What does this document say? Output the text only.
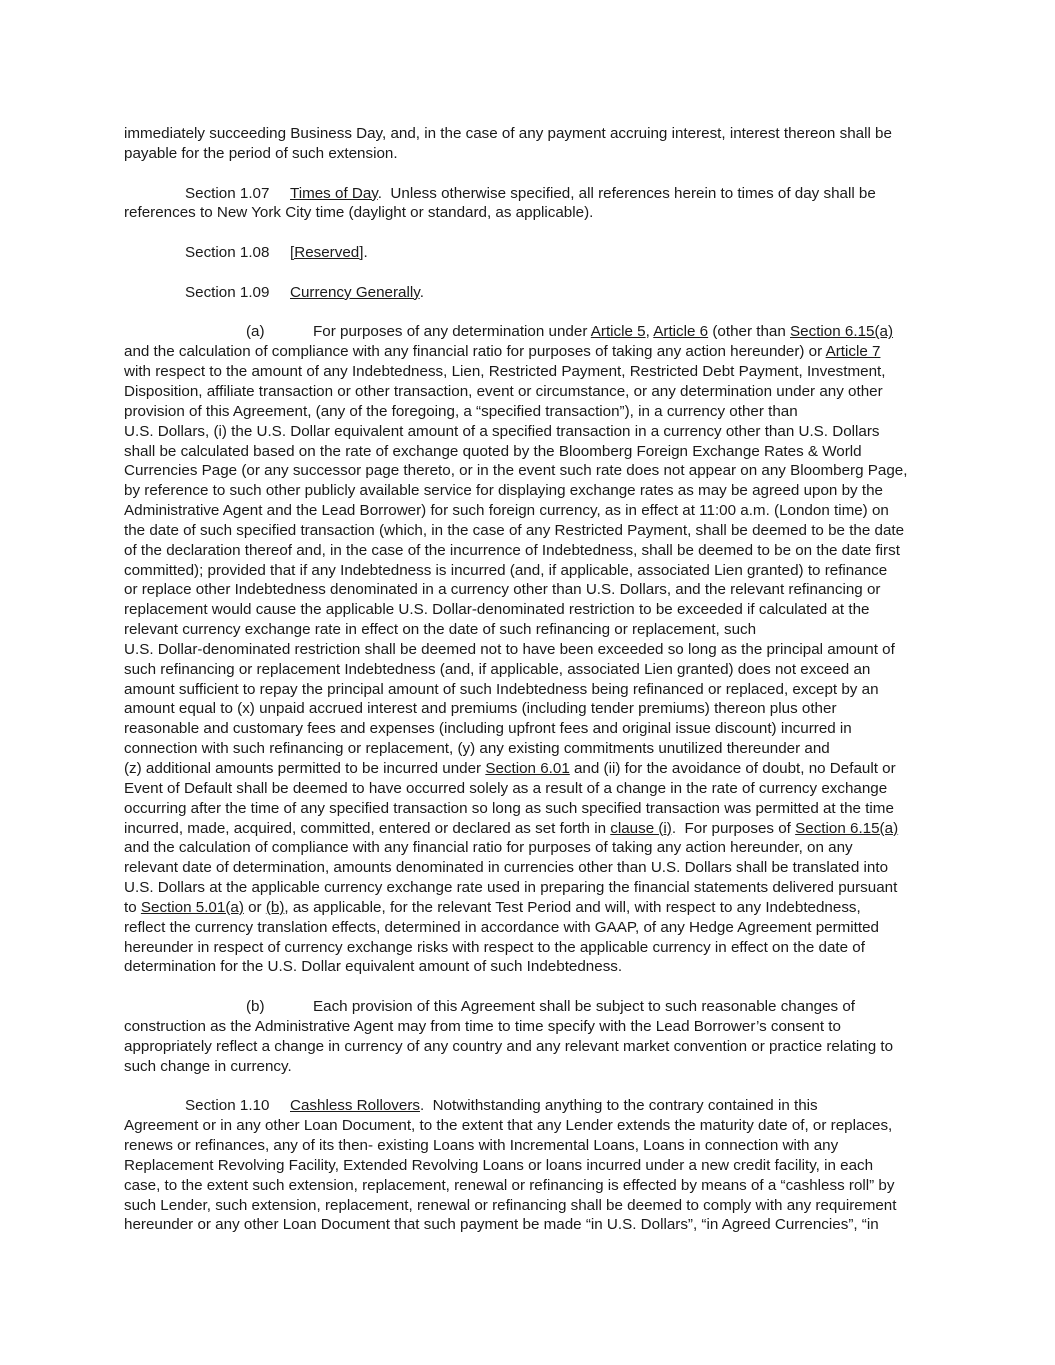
immediately succeeding Business Day, and, in the case of any payment accruing interest, interest thereon shall be
payable for the period of such extension.
Section 1.07 Times of Day.  Unless otherwise specified, all references herein to times of day shall be
references to New York City time (daylight or standard, as applicable).
Section 1.08 [Reserved].
Section 1.09 Currency Generally.
(a)	For purposes of any determination under Article 5, Article 6 (other than Section 6.15(a)
and the calculation of compliance with any financial ratio for purposes of taking any action hereunder) or Article 7
with respect to the amount of any Indebtedness, Lien, Restricted Payment, Restricted Debt Payment, Investment,
Disposition, affiliate transaction or other transaction, event or circumstance, or any determination under any other
provision of this Agreement, (any of the foregoing, a “specified transaction”), in a currency other than
U.S. Dollars, (i) the U.S. Dollar equivalent amount of a specified transaction in a currency other than U.S. Dollars
shall be calculated based on the rate of exchange quoted by the Bloomberg Foreign Exchange Rates & World
Currencies Page (or any successor page thereto, or in the event such rate does not appear on any Bloomberg Page,
by reference to such other publicly available service for displaying exchange rates as may be agreed upon by the
Administrative Agent and the Lead Borrower) for such foreign currency, as in effect at 11:00 a.m. (London time) on
the date of such specified transaction (which, in the case of any Restricted Payment, shall be deemed to be the date
of the declaration thereof and, in the case of the incurrence of Indebtedness, shall be deemed to be on the date first
committed); provided that if any Indebtedness is incurred (and, if applicable, associated Lien granted) to refinance
or replace other Indebtedness denominated in a currency other than U.S. Dollars, and the relevant refinancing or
replacement would cause the applicable U.S. Dollar-denominated restriction to be exceeded if calculated at the
relevant currency exchange rate in effect on the date of such refinancing or replacement, such
U.S. Dollar-denominated restriction shall be deemed not to have been exceeded so long as the principal amount of
such refinancing or replacement Indebtedness (and, if applicable, associated Lien granted) does not exceed an
amount sufficient to repay the principal amount of such Indebtedness being refinanced or replaced, except by an
amount equal to (x) unpaid accrued interest and premiums (including tender premiums) thereon plus other
reasonable and customary fees and expenses (including upfront fees and original issue discount) incurred in
connection with such refinancing or replacement, (y) any existing commitments unutilized thereunder and
(z) additional amounts permitted to be incurred under Section 6.01 and (ii) for the avoidance of doubt, no Default or
Event of Default shall be deemed to have occurred solely as a result of a change in the rate of currency exchange
occurring after the time of any specified transaction so long as such specified transaction was permitted at the time
incurred, made, acquired, committed, entered or declared as set forth in clause (i).  For purposes of Section 6.15(a)
and the calculation of compliance with any financial ratio for purposes of taking any action hereunder, on any
relevant date of determination, amounts denominated in currencies other than U.S. Dollars shall be translated into
U.S. Dollars at the applicable currency exchange rate used in preparing the financial statements delivered pursuant
to Section 5.01(a) or (b), as applicable, for the relevant Test Period and will, with respect to any Indebtedness,
reflect the currency translation effects, determined in accordance with GAAP, of any Hedge Agreement permitted
hereunder in respect of currency exchange risks with respect to the applicable currency in effect on the date of
determination for the U.S. Dollar equivalent amount of such Indebtedness.
(b)	Each provision of this Agreement shall be subject to such reasonable changes of
construction as the Administrative Agent may from time to time specify with the Lead Borrower’s consent to
appropriately reflect a change in currency of any country and any relevant market convention or practice relating to
such change in currency.
Section 1.10 Cashless Rollovers.  Notwithstanding anything to the contrary contained in this
Agreement or in any other Loan Document, to the extent that any Lender extends the maturity date of, or replaces,
renews or refinances, any of its then- existing Loans with Incremental Loans, Loans in connection with any
Replacement Revolving Facility, Extended Revolving Loans or loans incurred under a new credit facility, in each
case, to the extent such extension, replacement, renewal or refinancing is effected by means of a “cashless roll” by
such Lender, such extension, replacement, renewal or refinancing shall be deemed to comply with any requirement
hereunder or any other Loan Document that such payment be made “in U.S. Dollars”, “in Agreed Currencies”, “in
